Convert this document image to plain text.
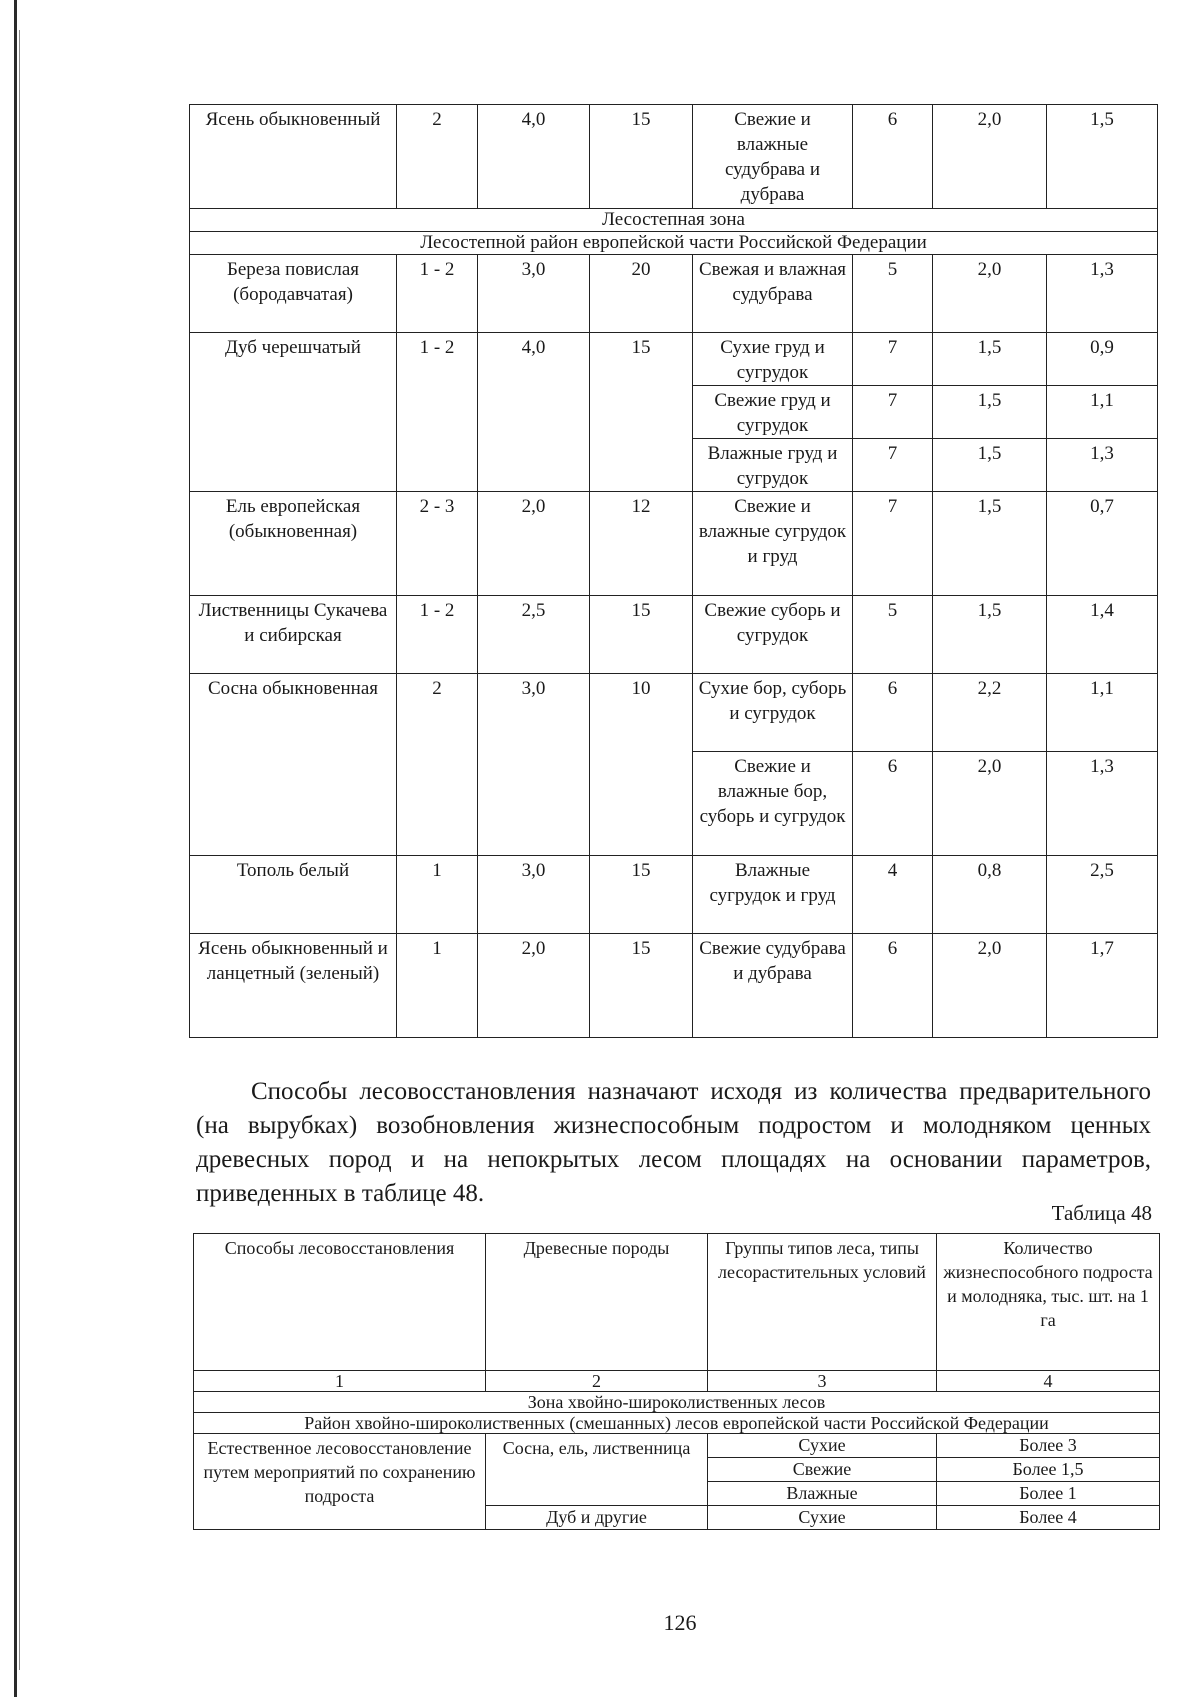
Ясень обыкновенный	2	4,0	15	Свежие и влажные судубрава и дубрава	6	2,0	1,5
Лесостепная зона							
Лесостепной район европейской части Российской Федерации							
Береза повислая (бородавчатая)	1 - 2	3,0	20	Свежая и влажная судубрава	5	2,0	1,3
Дуб черешчатый	1 - 2	4,0	15	Сухие груд и сугрудок	7	1,5	0,9
				Свежие груд и сугрудок	7	1,5	1,1
				Влажные груд и сугрудок	7	1,5	1,3
Ель европейская (обыкновенная)	2 - 3	2,0	12	Свежие и влажные сугрудок и груд	7	1,5	0,7
Лиственницы Сукачева и сибирская	1 - 2	2,5	15	Свежие суборь и сугрудок	5	1,5	1,4
Сосна обыкновенная	2	3,0	10	Сухие бор, суборь и сугрудок	6	2,2	1,1
				Свежие и влажные бор, суборь и сугрудок	6	2,0	1,3
Тополь белый	1	3,0	15	Влажные сугрудок и груд	4	0,8	2,5
Ясень обыкновенный и ланцетный (зеленый)	1	2,0	15	Свежие судубрава и дубрава	6	2,0	1,7

Способы лесовосстановления назначают исходя из количества предварительного (на вырубках) возобновления жизнеспособным подростом и молодняком ценных древесных пород и на непокрытых лесом площадях на основании параметров, приведенных в таблице 48.

Таблица 48

Способы лесовосстановления	Древесные породы	Группы типов леса, типы лесорастительных условий	Количество жизнеспособного подроста и молодняка, тыс. шт. на 1 га
1	2	3	4
Зона хвойно-широколиственных лесов			
Район хвойно-широколиственных (смешанных) лесов европейской части Российской Федерации			
Естественное лесовосстановление путем мероприятий по сохранению подроста	Сосна, ель, лиственница	Сухие	Более 3
		Свежие	Более 1,5
		Влажные	Более 1
	Дуб и другие	Сухие	Более 4

126
